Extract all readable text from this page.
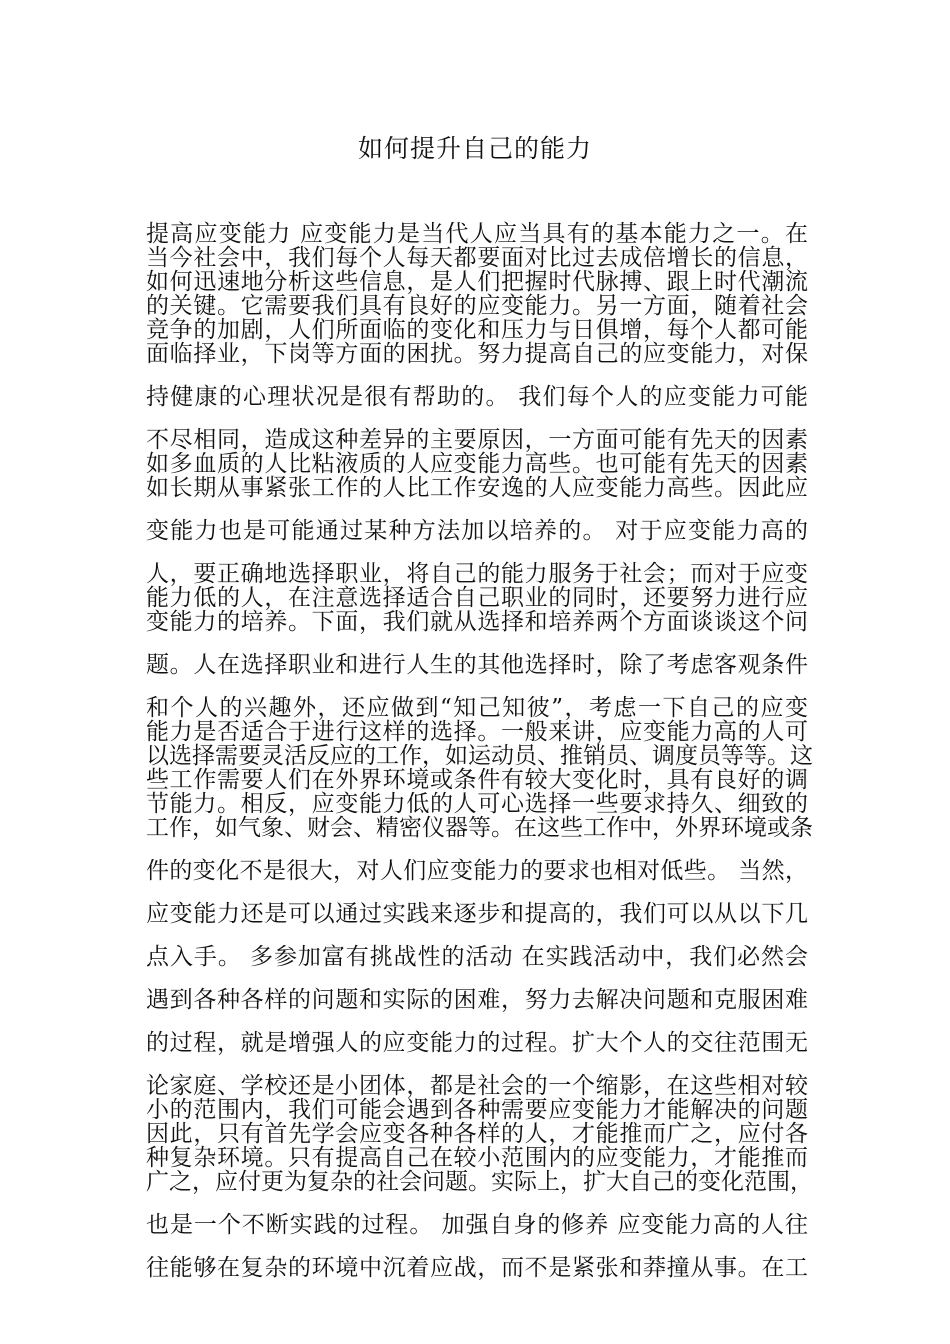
如何提升自己的能力
提高应变能力 应变能力是当代人应当具有的基本能力之一。在
当今社会中，我们每个人每天都要面对比过去成倍增长的信息，
如何迅速地分析这些信息，是人们把握时代脉搏、跟上时代潮流
的关键。它需要我们具有良好的应变能力。另一方面，随着社会
竞争的加剧，人们所面临的变化和压力与日俱增，每个人都可能
面临择业，下岗等方面的困扰。努力提高自己的应变能力，对保
持健康的心理状况是很有帮助的。 我们每个人的应变能力可能
不尽相同，造成这种差异的主要原因，一方面可能有先天的因素
如多血质的人比粘液质的人应变能力高些。也可能有先天的因素
如长期从事紧张工作的人比工作安逸的人应变能力高些。因此应
变能力也是可能通过某种方法加以培养的。 对于应变能力高的
人，要正确地选择职业，将自己的能力服务于社会；而对于应变
能力低的人，在注意选择适合自己职业的同时，还要努力进行应
变能力的培养。下面，我们就从选择和培养两个方面谈谈这个问
题。人在选择职业和进行人生的其他选择时，除了考虑客观条件
和个人的兴趣外，还应做到“知己知彼”，考虑一下自己的应变
能力是否适合于进行这样的选择。一般来讲，应变能力高的人可
以选择需要灵活反应的工作，如运动员、推销员、调度员等等。这
些工作需要人们在外界环境或条件有较大变化时，具有良好的调
节能力。相反，应变能力低的人可心选择一些要求持久、细致的
工作，如气象、财会、精密仪器等。在这些工作中，外界环境或条
件的变化不是很大，对人们应变能力的要求也相对低些。 当然，
应变能力还是可以通过实践来逐步和提高的，我们可以从以下几
点入手。 多参加富有挑战性的活动 在实践活动中，我们必然会
遇到各种各样的问题和实际的困难，努力去解决问题和克服困难
的过程，就是增强人的应变能力的过程。扩大个人的交往范围无
论家庭、学校还是小团体，都是社会的一个缩影，在这些相对较
小的范围内，我们可能会遇到各种需要应变能力才能解决的问题
因此，只有首先学会应变各种各样的人，才能推而广之，应付各
种复杂环境。只有提高自己在较小范围内的应变能力，才能推而
广之，应付更为复杂的社会问题。实际上，扩大自己的变化范围，
也是一个不断实践的过程。 加强自身的修养 应变能力高的人往
往能够在复杂的环境中沉着应战，而不是紧张和莽撞从事。在工
